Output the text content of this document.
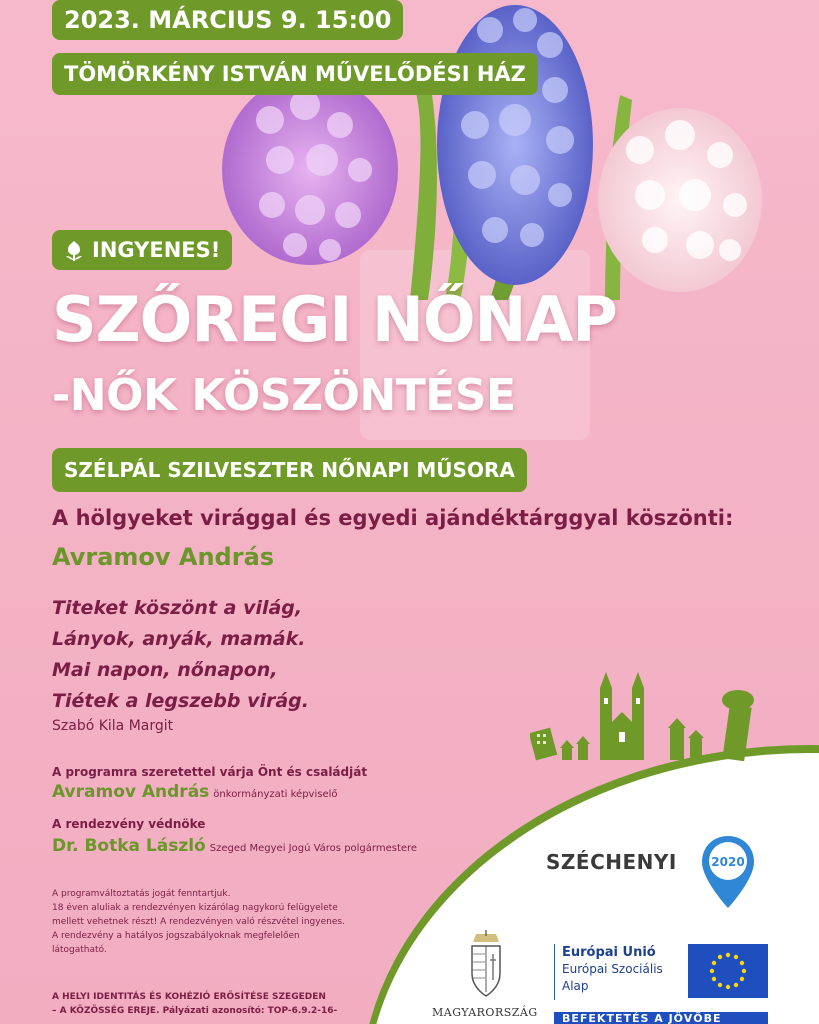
2023. MÁRCIUS 9. 15:00
TÖMÖRKÉNY ISTVÁN MŰVELŐDÉSI HÁZ
INGYENES!
SZŐREGI NŐNAP
-NŐK KÖSZÖNTÉSE
SZÉLPÁL SZILVESZTER NŐNAPI MŰSORA
A hölgyeket virággal és egyedi ajándéktárggyal köszönti:
Avramov András
Titeket köszönt a világ,
Lányok, anyák, mamák.
Mai napon, nőnapon,
Tiétek a legszebb virág.
Szabó Kila Margit
A programra szeretettel várja Önt és családját
Avramov András önkormányzati képviselő
A rendezvény védnöke
Dr. Botka László Szeged Megyei Jogú Város polgármestere
A programváltoztatás jogát fenntartjuk.
18 éven aluliak a rendezvényen kizárólag nagykorú felügyelete
mellett vehetnek részt! A rendezvényen való részvétel ingyenes.
A rendezvény a hatályos jogszabályoknak megfelelően
látogatható.
A HELYI IDENTITÁS ÉS KOHÉZIÓ ERŐSÍTÉSE SZEGEDEN
– A KÖZÖSSÉG EREJE. Pályázati azonosító: TOP-6.9.2-16-
SZÉCHENYI	2020
MAGYARORSZÁG
Európai Unió
Európai Szociális
Alap
BEFEKTETÉS A JÖVŐBE
